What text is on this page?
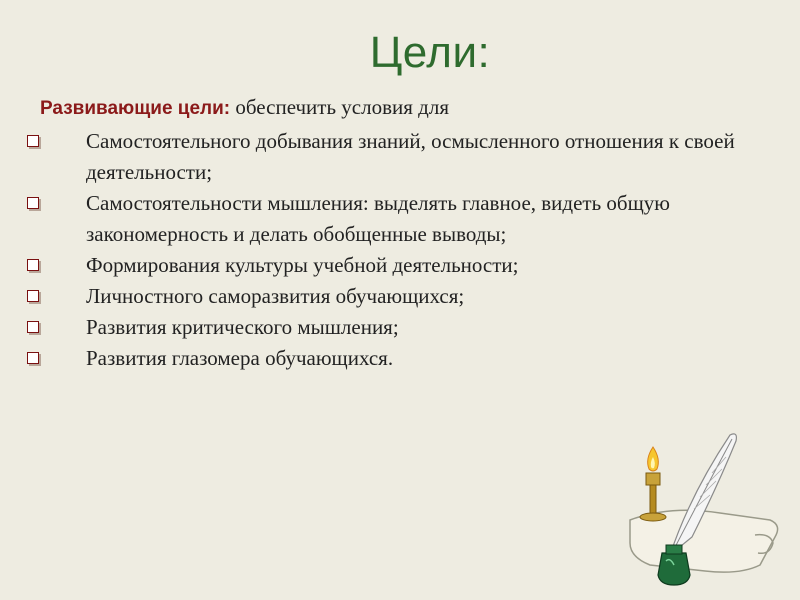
Цели:
Развивающие цели: обеспечить условия для
Самостоятельного добывания знаний, осмысленного отношения к своей деятельности;
Самостоятельности мышления: выделять главное, видеть общую закономерность и делать обобщенные выводы;
Формирования культуры учебной деятельности;
Личностного саморазвития обучающихся;
Развития критического мышления;
Развития глазомера обучающихся.
